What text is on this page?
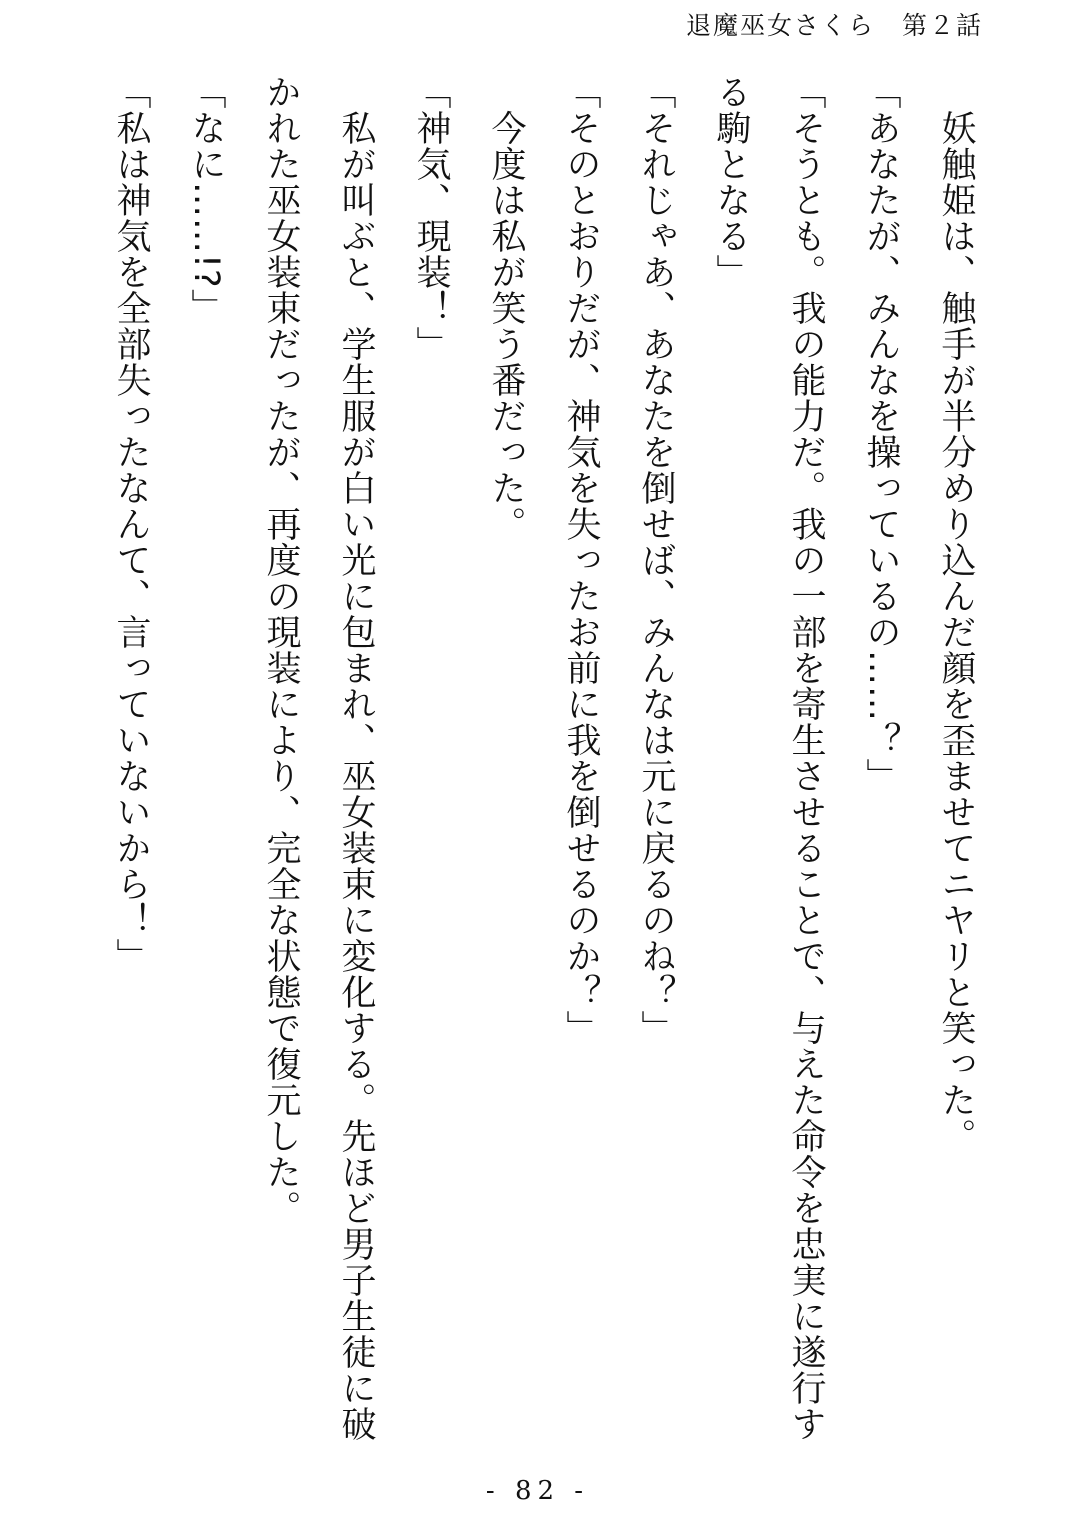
退魔巫女さくら　第２話

　妖触姫は、触手が半分めり込んだ顔を歪ませてニヤリと笑った。

「あなたが、みんなを操っているの……？」

「そうとも。我の能力だ。我の一部を寄生させることで、与えた命令を忠実に遂行する駒となる」

「それじゃあ、あなたを倒せば、みんなは元に戻るのね？」

「そのとおりだが、神気を失ったお前に我を倒せるのか？」

　今度は私が笑う番だった。

「神気、現装！」

　私が叫ぶと、学生服が白い光に包まれ、巫女装束に変化する。先ほど男子生徒に破かれた巫女装束だったが、再度の現装により、完全な状態で復元した。

「なに……!?」

「私は神気を全部失ったなんて、言っていないから！」

- 82 -
